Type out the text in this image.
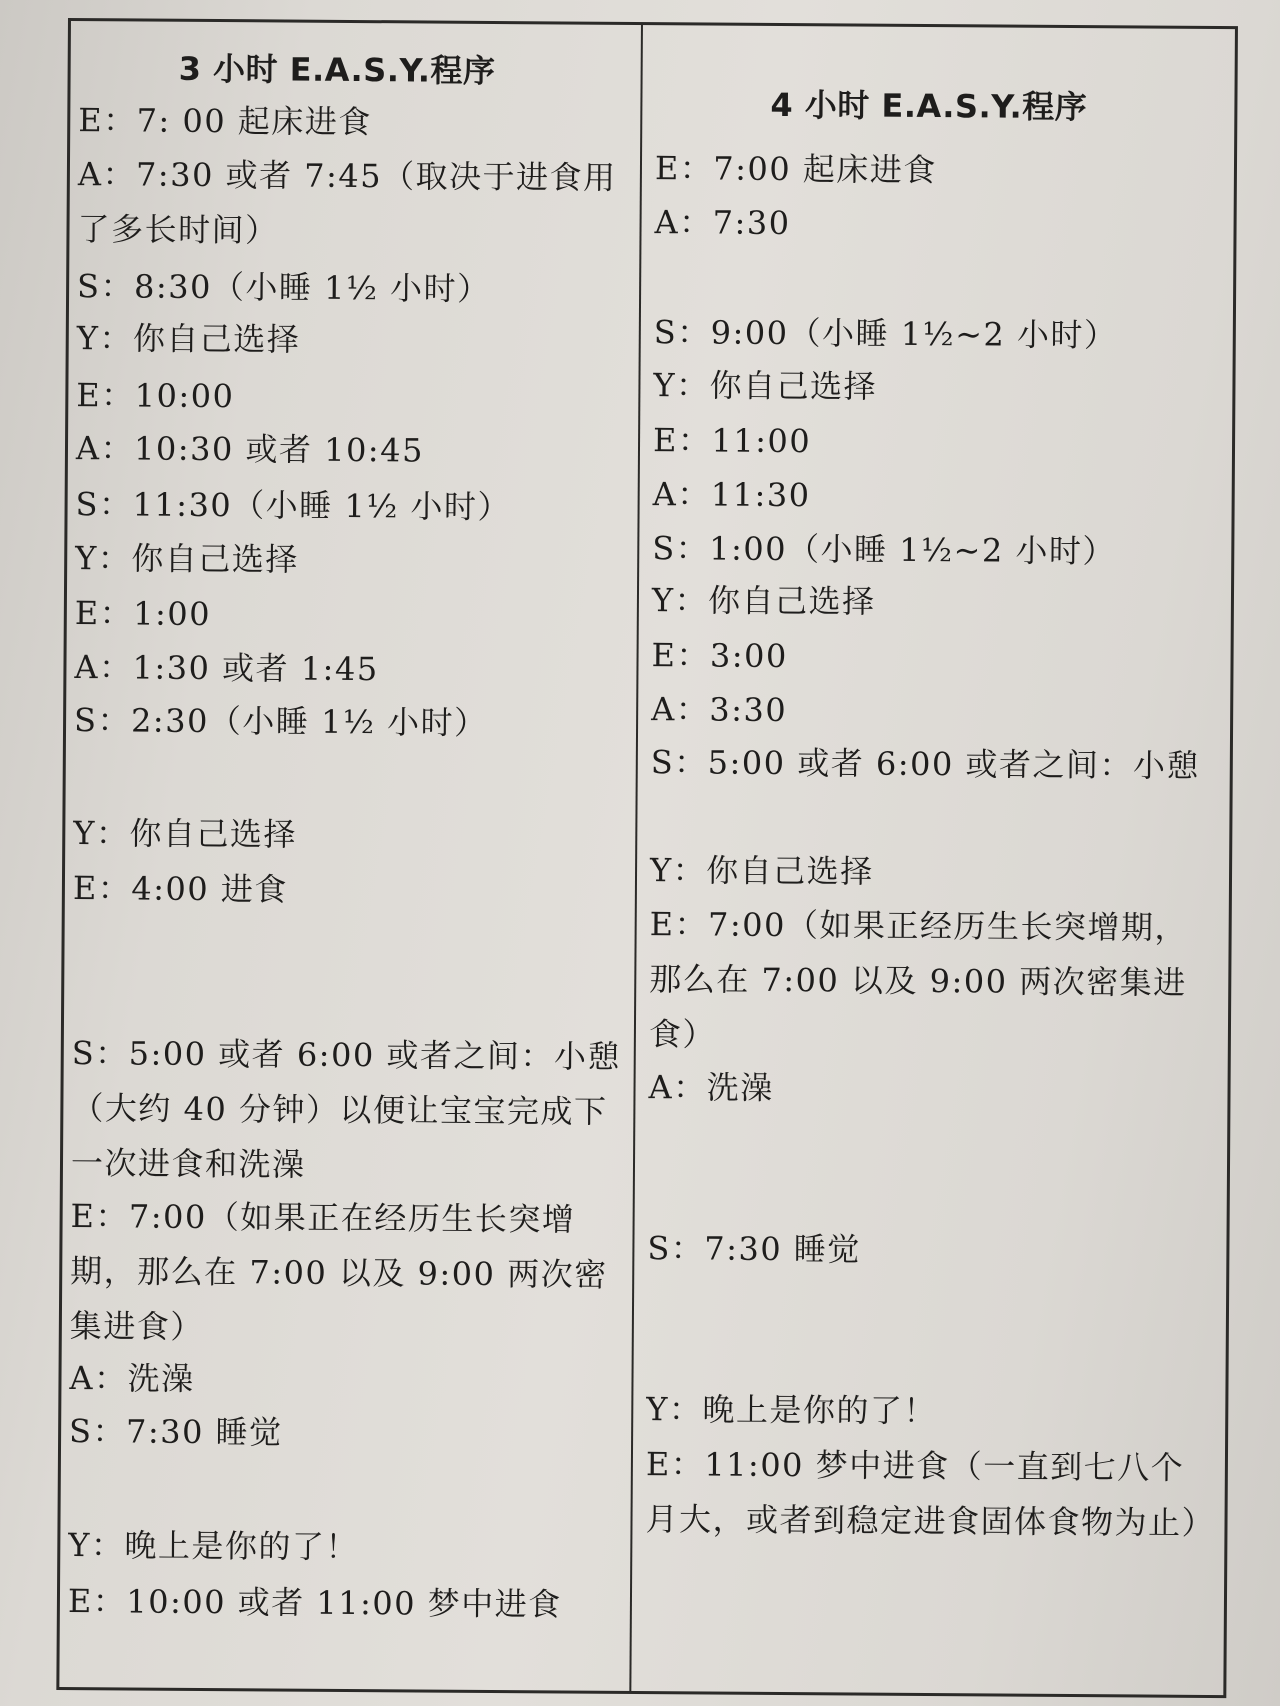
3 小时 E.A.S.Y.程序
E：7: 00 起床进食
A：7:30 或者 7:45（取决于进食用了多长时间）
S：8:30（小睡 1½ 小时）
Y：你自己选择
E：10:00
A：10:30 或者 10:45
S：11:30（小睡 1½ 小时）
Y：你自己选择
E：1:00
A：1:30 或者 1:45
S：2:30（小睡 1½ 小时）
Y：你自己选择
E：4:00 进食
S：5:00 或者 6:00 或者之间：小憩（大约 40 分钟）以便让宝宝完成下一次进食和洗澡
E：7:00（如果正在经历生长突增期，那么在 7:00 以及 9:00 两次密集进食）
A：洗澡
S：7:30 睡觉
Y：晚上是你的了！
E：10:00 或者 11:00 梦中进食
4 小时 E.A.S.Y.程序
E：7:00 起床进食
A：7:30
S：9:00（小睡 1½~2 小时）
Y：你自己选择
E：11:00
A：11:30
S：1:00（小睡 1½~2 小时）
Y：你自己选择
E：3:00
A：3:30
S：5:00 或者 6:00 或者之间：小憩
Y：你自己选择
E：7:00（如果正经历生长突增期，那么在 7:00 以及 9:00 两次密集进食）
A：洗澡
S：7:30 睡觉
Y：晚上是你的了！
E：11:00 梦中进食（一直到七八个月大，或者到稳定进食固体食物为止）
